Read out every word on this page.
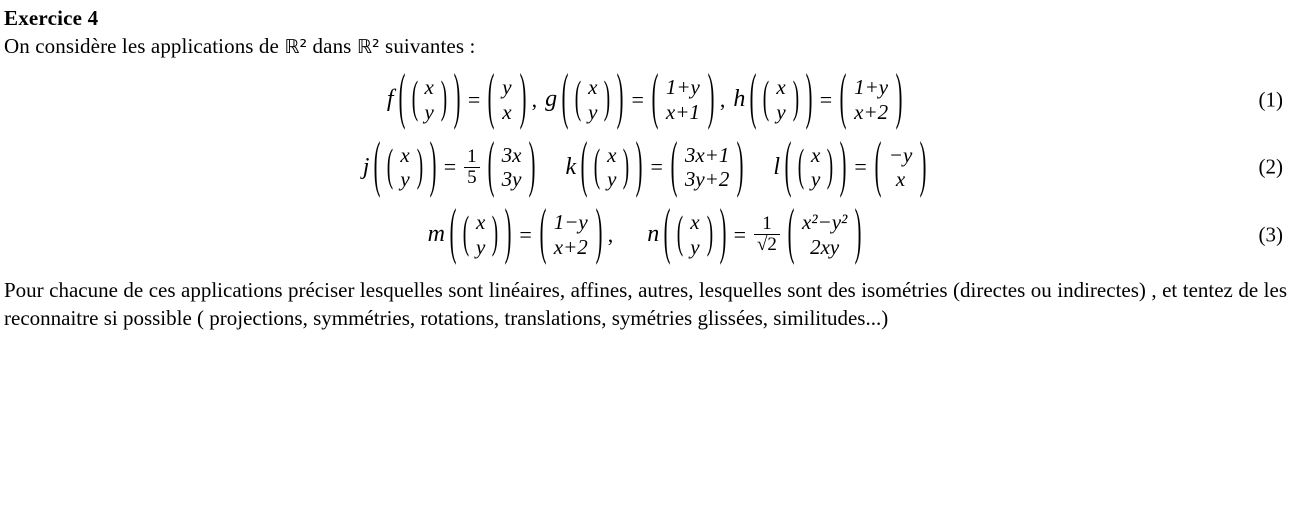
Exercice 4
On considère les applications de ℝ² dans ℝ² suivantes :
f ( ( x
y ) ) = ( y
x ) , g ( ( x
y ) ) = ( 1+y
x+1 ) , h ( ( x
y ) ) = ( 1+y
x+2 )	(1)
j ( ( x
y ) ) = $\frac{1}{5}$ ( 3x
3y ) k ( ( x
y ) ) = ( 3x+1
3y+2 ) l ( ( x
y ) ) = ( −y
x )	(2)
m ( ( x
y ) ) = ( 1−y
x+2 ) , n ( ( x
y ) ) = $\frac{1}{√2}$ ( x²−y²
2xy )	(3)
Pour chacune de ces applications préciser lesquelles sont linéaires, affines, autres, lesquelles sont des isométries (directes ou indirectes) , et tentez de les reconnaitre si possible ( projections, symmétries, rotations, translations, symétries glissées, similitudes...)
